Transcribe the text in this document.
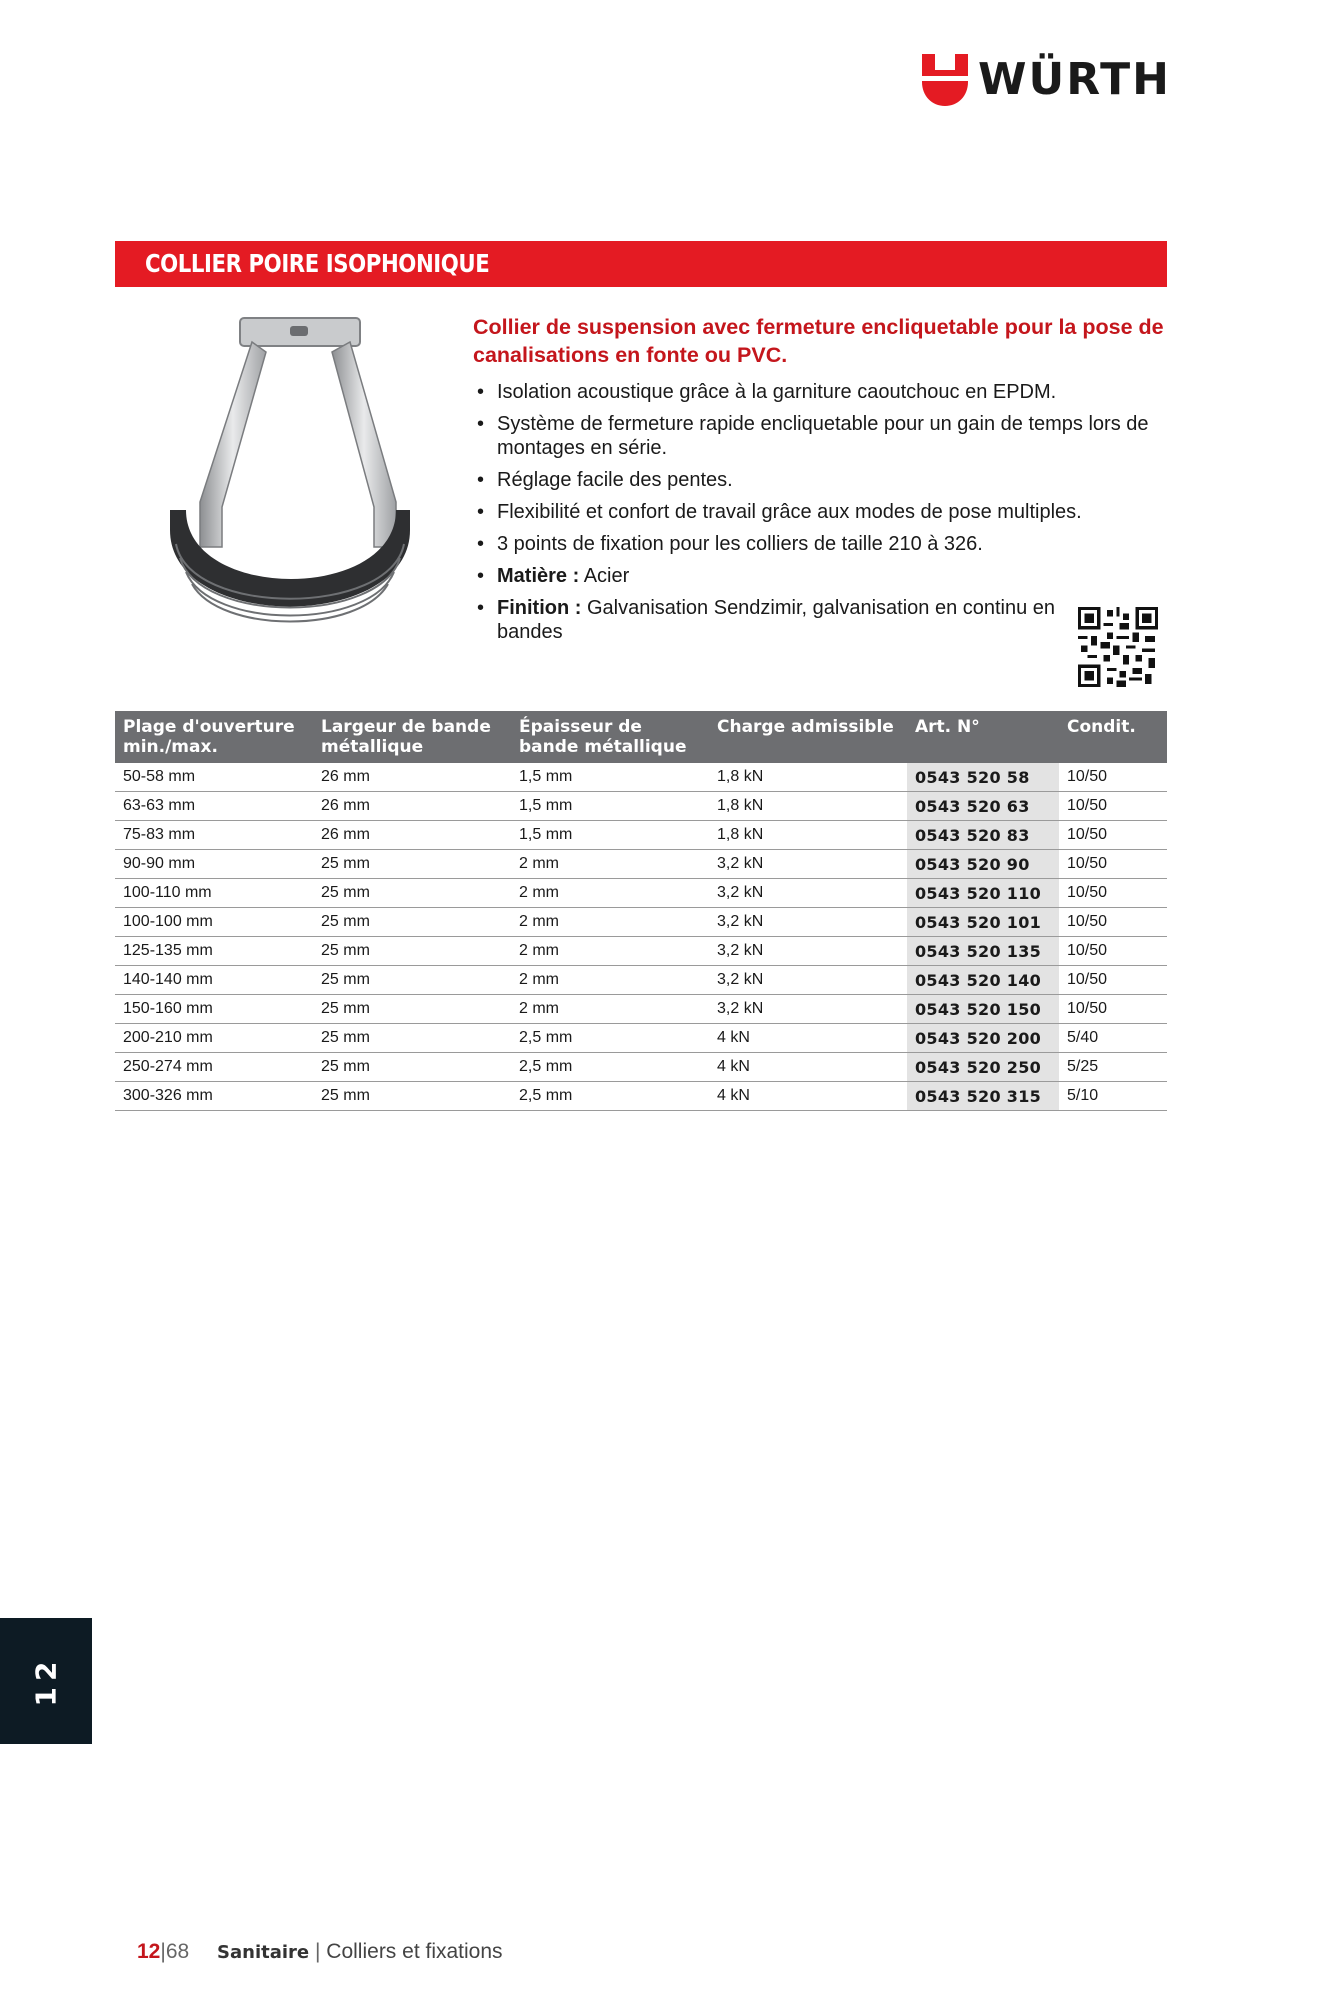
WÜRTH
COLLIER POIRE ISOPHONIQUE
Collier de suspension avec fermeture encliquetable pour la pose de canalisations en fonte ou PVC.
• Isolation acoustique grâce à la garniture caoutchouc en EPDM.
• Système de fermeture rapide encliquetable pour un gain de temps lors de montages en série.
• Réglage facile des pentes.
• Flexibilité et confort de travail grâce aux modes de pose multiples.
• 3 points de fixation pour les colliers de taille 210 à 326.
• Matière : Acier
• Finition : Galvanisation Sendzimir, galvanisation en continu en bandes
Plage d'ouverture min./max.	Largeur de bande métallique	Épaisseur de bande métallique	Charge admissible	Art. N°	Condit.
50-58 mm	26 mm	1,5 mm	1,8 kN	0543 520 58	10/50
63-63 mm	26 mm	1,5 mm	1,8 kN	0543 520 63	10/50
75-83 mm	26 mm	1,5 mm	1,8 kN	0543 520 83	10/50
90-90 mm	25 mm	2 mm	3,2 kN	0543 520 90	10/50
100-110 mm	25 mm	2 mm	3,2 kN	0543 520 110	10/50
100-100 mm	25 mm	2 mm	3,2 kN	0543 520 101	10/50
125-135 mm	25 mm	2 mm	3,2 kN	0543 520 135	10/50
140-140 mm	25 mm	2 mm	3,2 kN	0543 520 140	10/50
150-160 mm	25 mm	2 mm	3,2 kN	0543 520 150	10/50
200-210 mm	25 mm	2,5 mm	4 kN	0543 520 200	5/40
250-274 mm	25 mm	2,5 mm	4 kN	0543 520 250	5/25
300-326 mm	25 mm	2,5 mm	4 kN	0543 520 315	5/10
12
12|68 Sanitaire | Colliers et fixations
